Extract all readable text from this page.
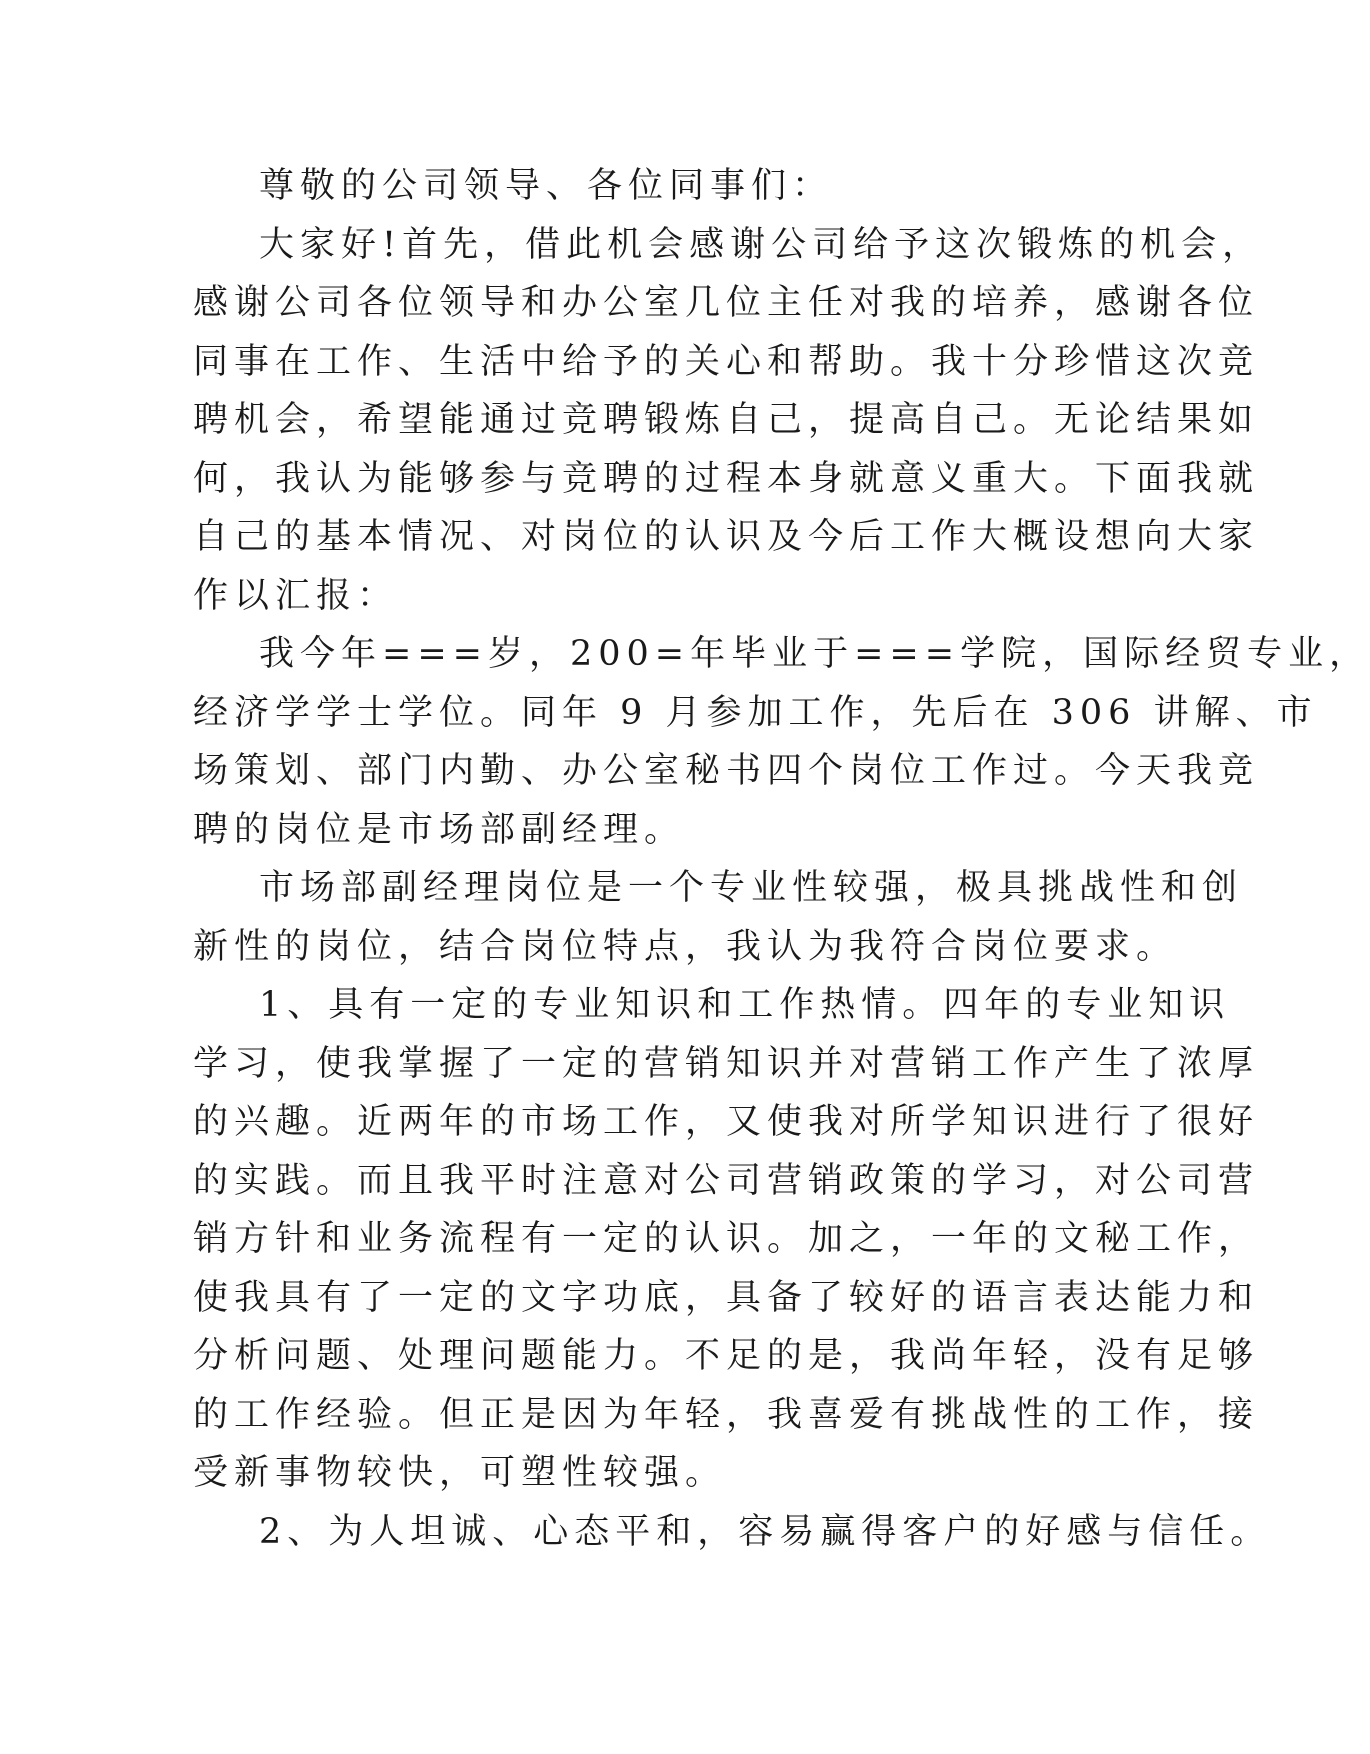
尊敬的公司领导、各位同事们：
大家好!首先，借此机会感谢公司给予这次锻炼的机会，
感谢公司各位领导和办公室几位主任对我的培养，感谢各位
同事在工作、生活中给予的关心和帮助。我十分珍惜这次竞
聘机会，希望能通过竞聘锻炼自己，提高自己。无论结果如
何，我认为能够参与竞聘的过程本身就意义重大。下面我就
自己的基本情况、对岗位的认识及今后工作大概设想向大家
作以汇报：
我今年===岁，200=年毕业于===学院，国际经贸专业，
经济学学士学位。同年 9 月参加工作，先后在 306 讲解、市
场策划、部门内勤、办公室秘书四个岗位工作过。今天我竞
聘的岗位是市场部副经理。
市场部副经理岗位是一个专业性较强，极具挑战性和创
新性的岗位，结合岗位特点，我认为我符合岗位要求。
1、具有一定的专业知识和工作热情。四年的专业知识
学习，使我掌握了一定的营销知识并对营销工作产生了浓厚
的兴趣。近两年的市场工作，又使我对所学知识进行了很好
的实践。而且我平时注意对公司营销政策的学习，对公司营
销方针和业务流程有一定的认识。加之，一年的文秘工作，
使我具有了一定的文字功底，具备了较好的语言表达能力和
分析问题、处理问题能力。不足的是，我尚年轻，没有足够
的工作经验。但正是因为年轻，我喜爱有挑战性的工作，接
受新事物较快，可塑性较强。
2、为人坦诚、心态平和，容易赢得客户的好感与信任。
